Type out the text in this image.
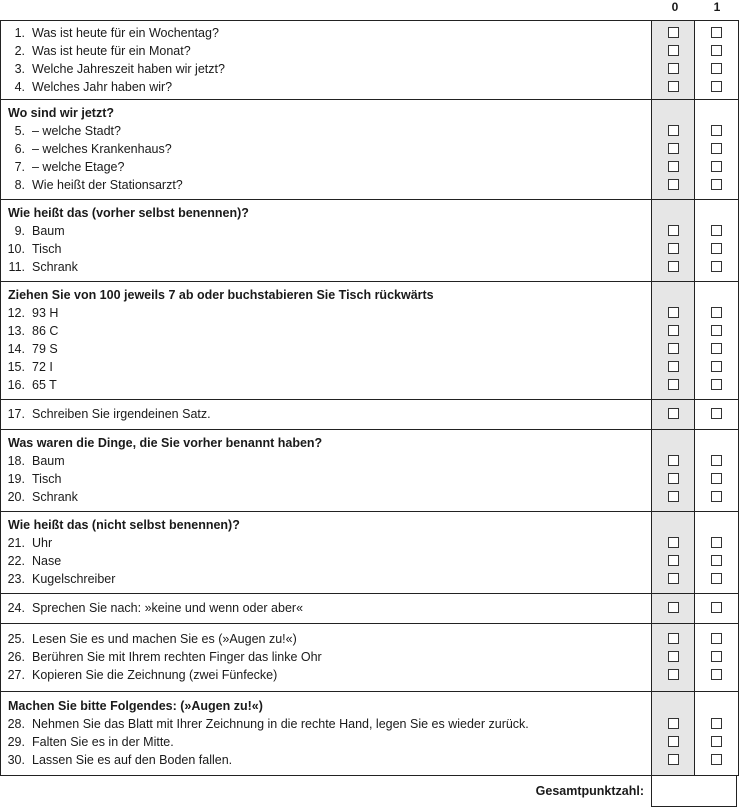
0	1
1. Was ist heute für ein Wochentag?
2. Was ist heute für ein Monat?
3. Welche Jahreszeit haben wir jetzt?
4. Welches Jahr haben wir?
Wo sind wir jetzt?
5. – welche Stadt?
6. – welches Krankenhaus?
7. – welche Etage?
8. Wie heißt der Stationsarzt?
Wie heißt das (vorher selbst benennen)?
9. Baum
10. Tisch
11. Schrank
Ziehen Sie von 100 jeweils 7 ab oder buchstabieren Sie Tisch rückwärts
12. 93 H
13. 86 C
14. 79 S
15. 72 I
16. 65 T
17. Schreiben Sie irgendeinen Satz.
Was waren die Dinge, die Sie vorher benannt haben?
18. Baum
19. Tisch
20. Schrank
Wie heißt das (nicht selbst benennen)?
21. Uhr
22. Nase
23. Kugelschreiber
24. Sprechen Sie nach: »keine und wenn oder aber«
25. Lesen Sie es und machen Sie es (»Augen zu!«)
26. Berühren Sie mit Ihrem rechten Finger das linke Ohr
27. Kopieren Sie die Zeichnung (zwei Fünfecke)
Machen Sie bitte Folgendes: (»Augen zu!«)
28. Nehmen Sie das Blatt mit Ihrer Zeichnung in die rechte Hand, legen Sie es wieder zurück.
29. Falten Sie es in der Mitte.
30. Lassen Sie es auf den Boden fallen.
Gesamtpunktzahl:
